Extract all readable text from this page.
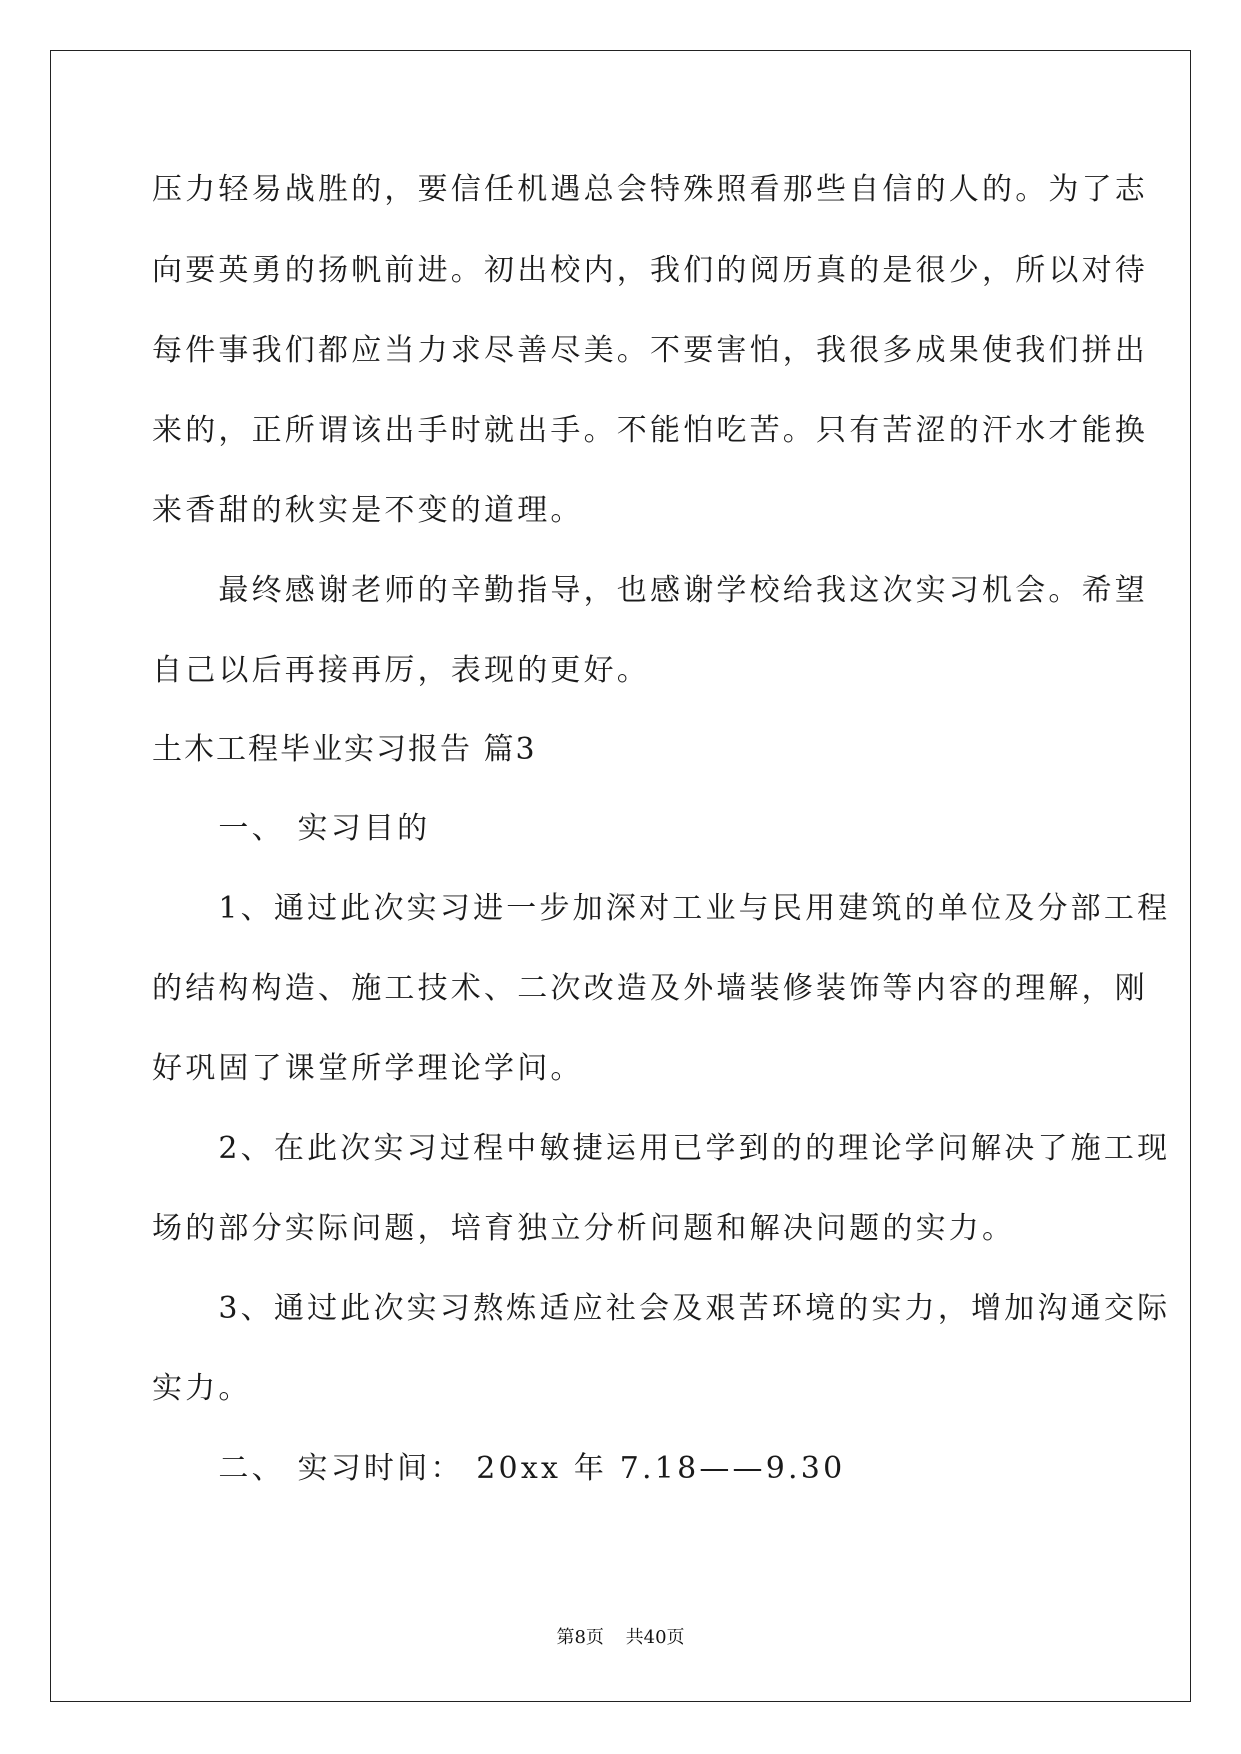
压力轻易战胜的，要信任机遇总会特殊照看那些自信的人的。为了志
向要英勇的扬帆前进。初出校内，我们的阅历真的是很少，所以对待
每件事我们都应当力求尽善尽美。不要害怕，我很多成果使我们拼出
来的，正所谓该出手时就出手。不能怕吃苦。只有苦涩的汗水才能换
来香甜的秋实是不变的道理。
　　最终感谢老师的辛勤指导，也感谢学校给我这次实习机会。希望
自己以后再接再厉，表现的更好。
土木工程毕业实习报告 篇3
　　一、 实习目的
　　1、通过此次实习进一步加深对工业与民用建筑的单位及分部工程
的结构构造、施工技术、二次改造及外墙装修装饰等内容的理解，刚
好巩固了课堂所学理论学问。
　　2、在此次实习过程中敏捷运用已学到的的理论学问解决了施工现
场的部分实际问题，培育独立分析问题和解决问题的实力。
　　3、通过此次实习熬炼适应社会及艰苦环境的实力，增加沟通交际
实力。
　　二、 实习时间： 20xx 年 7.18——9.30
第8页 共40页
